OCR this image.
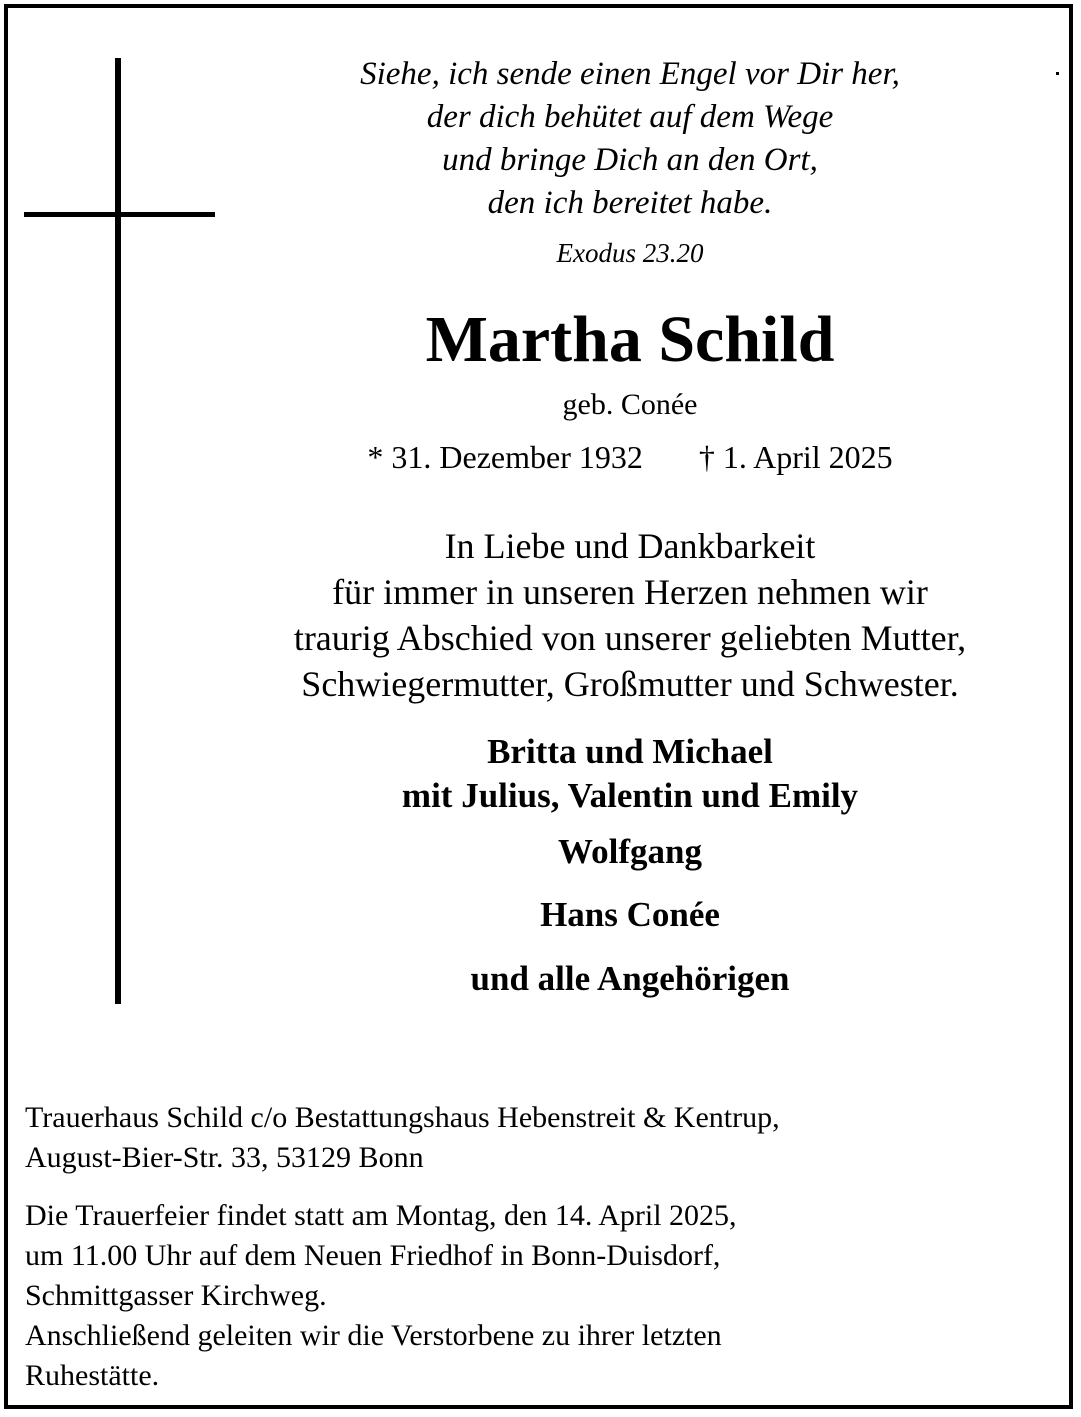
Siehe, ich sende einen Engel vor Dir her,
der dich behütet auf dem Wege
und bringe Dich an den Ort,
den ich bereitet habe.
Exodus 23.20
Martha Schild
geb. Conée
* 31. Dezember 1932 † 1. April 2025
In Liebe und Dankbarkeit
für immer in unseren Herzen nehmen wir
traurig Abschied von unserer geliebten Mutter,
Schwiegermutter, Großmutter und Schwester.
Britta und Michael
mit Julius, Valentin und Emily
Wolfgang
Hans Conée
und alle Angehörigen
Trauerhaus Schild c/o Bestattungshaus Hebenstreit & Kentrup,
August-Bier-Str. 33, 53129 Bonn
Die Trauerfeier findet statt am Montag, den 14. April 2025,
um 11.00 Uhr auf dem Neuen Friedhof in Bonn-Duisdorf,
Schmittgasser Kirchweg.
Anschließend geleiten wir die Verstorbene zu ihrer letzten
Ruhestätte.
